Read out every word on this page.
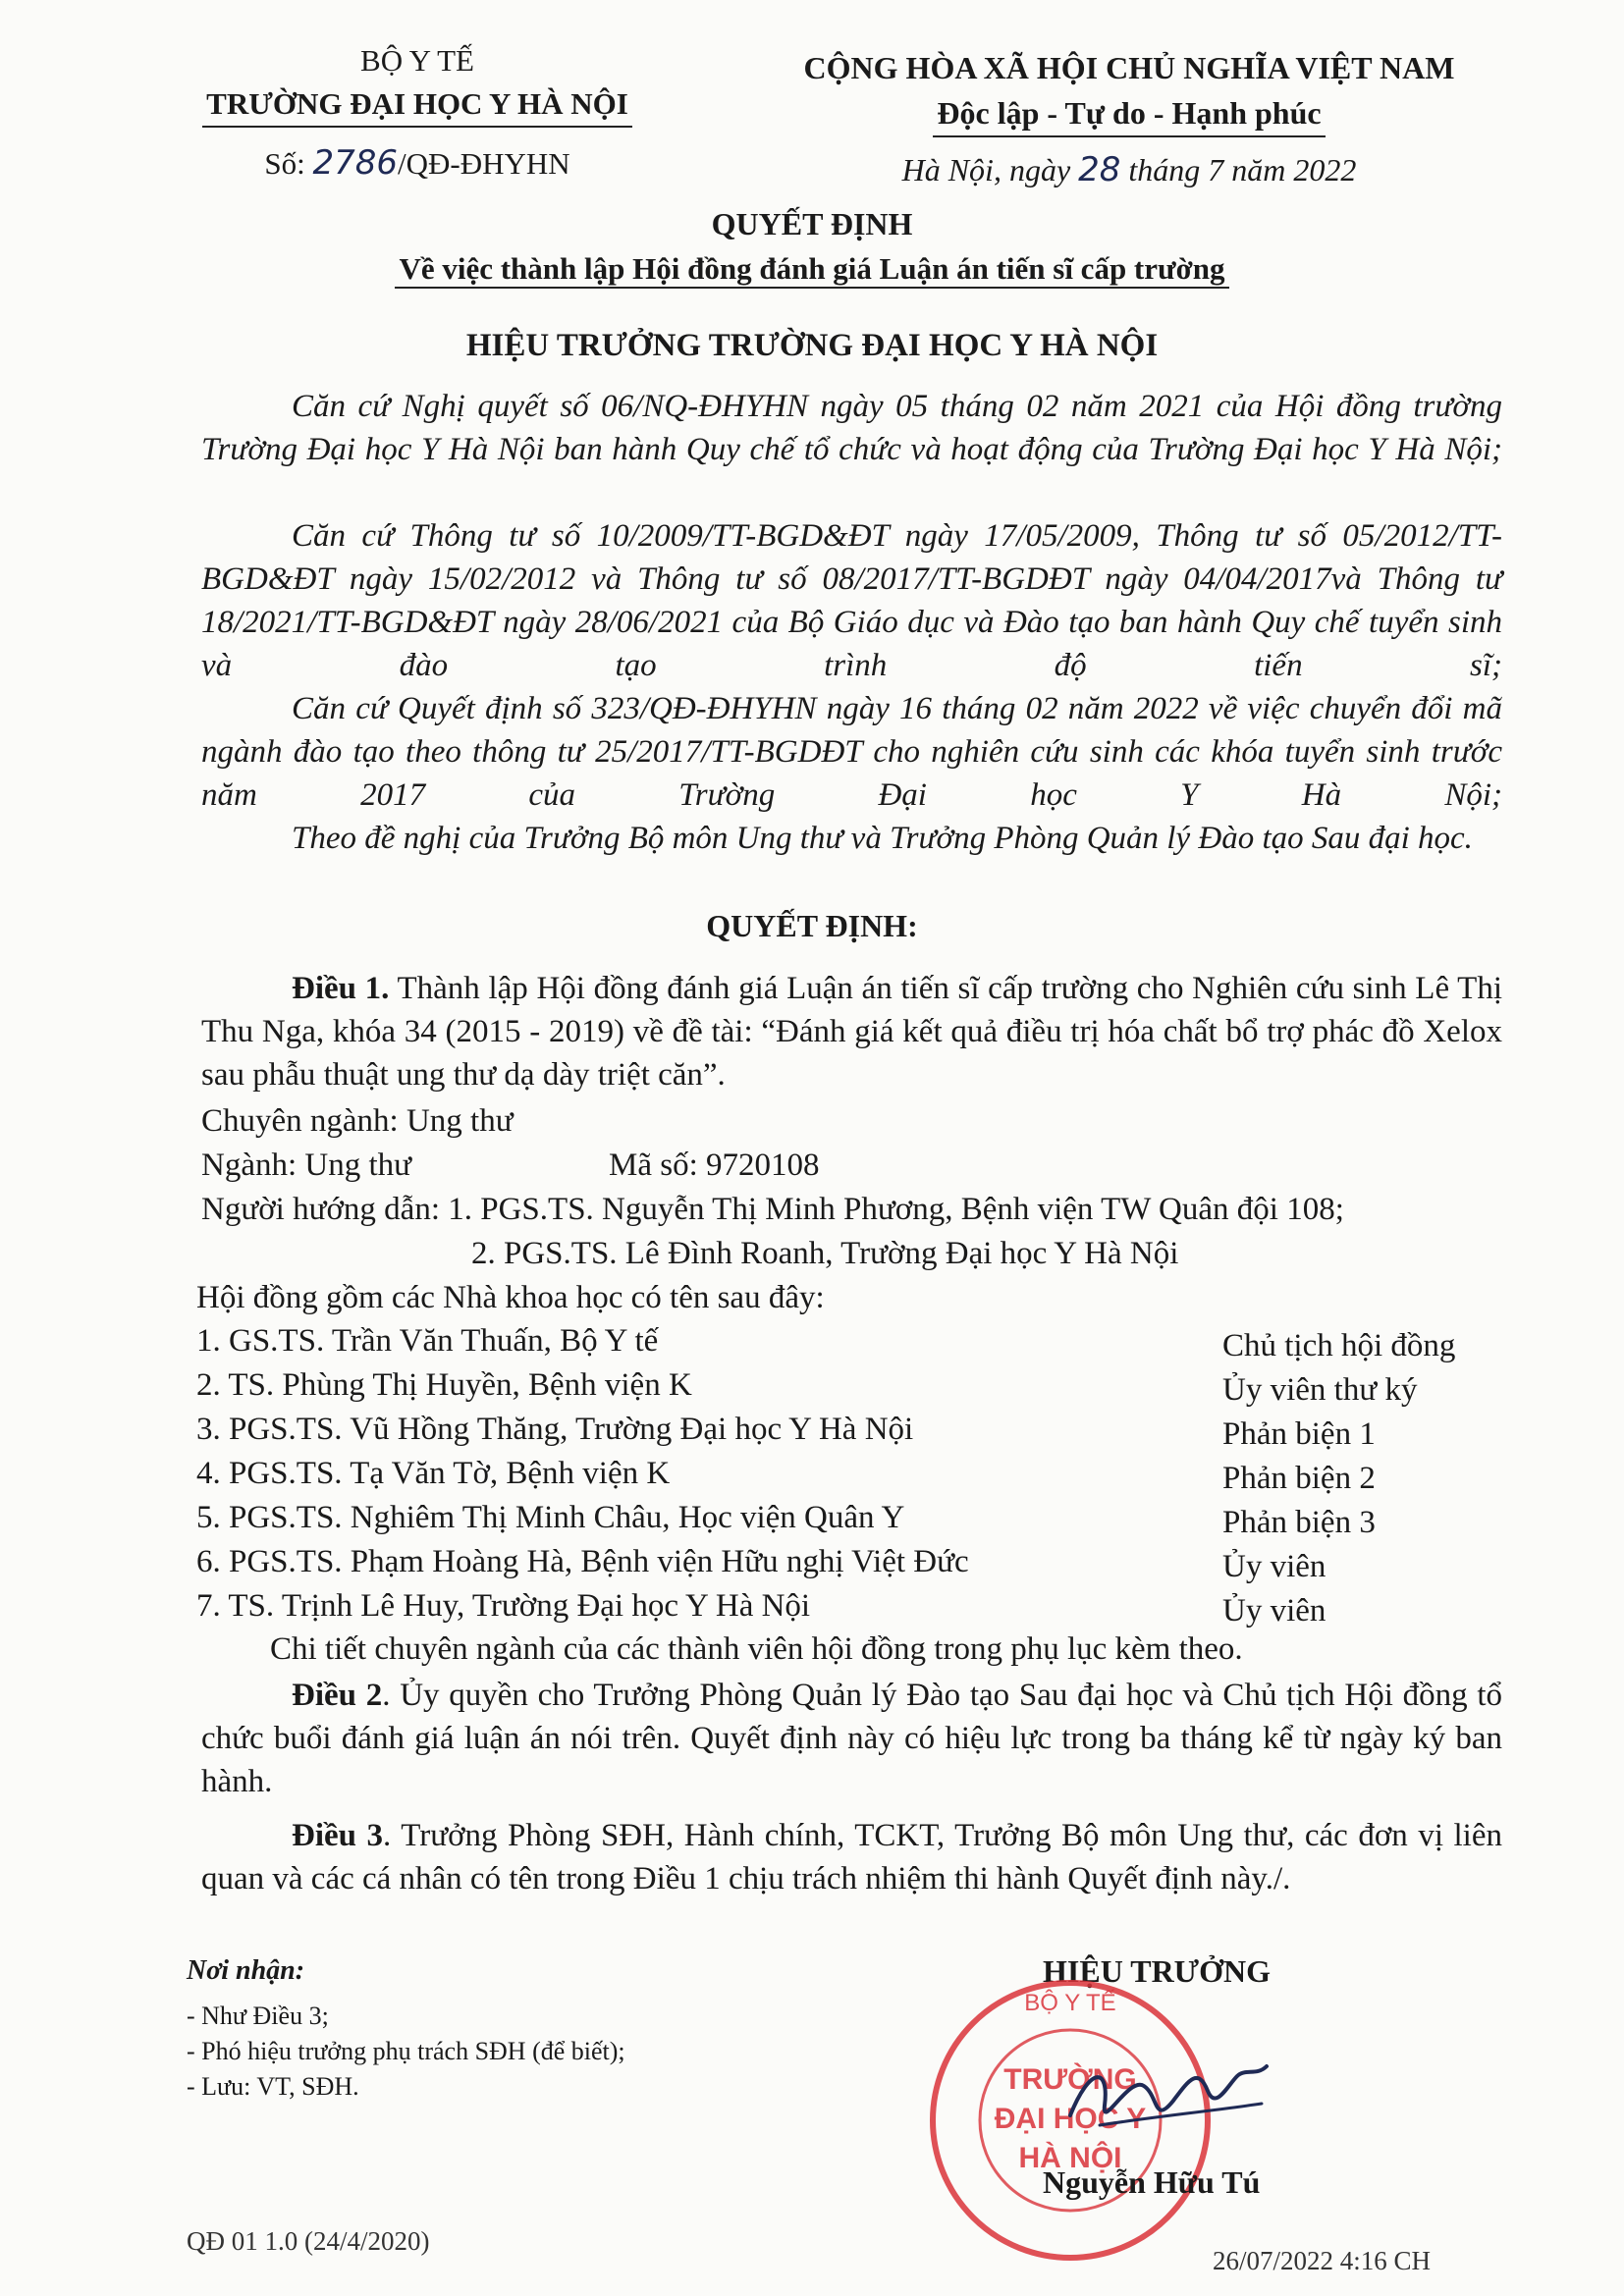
BỘ Y TẾ
TRƯỜNG ĐẠI HỌC Y HÀ NỘI
Số: 2786/QĐ-ĐHYHN
CỘNG HÒA XÃ HỘI CHỦ NGHĨA VIỆT NAM
Độc lập - Tự do - Hạnh phúc
Hà Nội, ngày 28 tháng 7 năm 2022
QUYẾT ĐỊNH
Về việc thành lập Hội đồng đánh giá Luận án tiến sĩ cấp trường
HIỆU TRƯỞNG TRƯỜNG ĐẠI HỌC Y HÀ NỘI
Căn cứ Nghị quyết số 06/NQ-ĐHYHN ngày 05 tháng 02 năm 2021 của Hội đồng trường Trường Đại học Y Hà Nội ban hành Quy chế tổ chức và hoạt động của Trường Đại học Y Hà Nội;
Căn cứ Thông tư số 10/2009/TT-BGD&ĐT ngày 17/05/2009, Thông tư số 05/2012/TT-BGD&ĐT ngày 15/02/2012 và Thông tư số 08/2017/TT-BGDĐT ngày 04/04/2017và Thông tư 18/2021/TT-BGD&ĐT ngày 28/06/2021 của Bộ Giáo dục và Đào tạo ban hành Quy chế tuyển sinh và đào tạo trình độ tiến sĩ;
Căn cứ Quyết định số 323/QĐ-ĐHYHN ngày 16 tháng 02 năm 2022 về việc chuyển đổi mã ngành đào tạo theo thông tư 25/2017/TT-BGDĐT cho nghiên cứu sinh các khóa tuyển sinh trước năm 2017 của Trường Đại học Y Hà Nội;
Theo đề nghị của Trưởng Bộ môn Ung thư và Trưởng Phòng Quản lý Đào tạo Sau đại học.
QUYẾT ĐỊNH:
Điều 1. Thành lập Hội đồng đánh giá Luận án tiến sĩ cấp trường cho Nghiên cứu sinh Lê Thị Thu Nga, khóa 34 (2015 - 2019) về đề tài: “Đánh giá kết quả điều trị hóa chất bổ trợ phác đồ Xelox sau phẫu thuật ung thư dạ dày triệt căn”.
Chuyên ngành: Ung thư
Ngành: Ung thư	Mã số: 9720108
Người hướng dẫn: 1. PGS.TS. Nguyễn Thị Minh Phương, Bệnh viện TW Quân đội 108;
2. PGS.TS. Lê Đình Roanh, Trường Đại học Y Hà Nội
Hội đồng gồm các Nhà khoa học có tên sau đây:
1. GS.TS. Trần Văn Thuấn, Bộ Y tế	Chủ tịch hội đồng
2. TS. Phùng Thị Huyền, Bệnh viện K	Ủy viên thư ký
3. PGS.TS. Vũ Hồng Thăng, Trường Đại học Y Hà Nội	Phản biện 1
4. PGS.TS. Tạ Văn Tờ, Bệnh viện K	Phản biện 2
5. PGS.TS. Nghiêm Thị Minh Châu, Học viện Quân Y	Phản biện 3
6. PGS.TS. Phạm Hoàng Hà, Bệnh viện Hữu nghị Việt Đức	Ủy viên
7. TS. Trịnh Lê Huy, Trường Đại học Y Hà Nội	Ủy viên
Chi tiết chuyên ngành của các thành viên hội đồng trong phụ lục kèm theo.
Điều 2. Ủy quyền cho Trưởng Phòng Quản lý Đào tạo Sau đại học và Chủ tịch Hội đồng tổ chức buổi đánh giá luận án nói trên. Quyết định này có hiệu lực trong ba tháng kể từ ngày ký ban hành.
Điều 3. Trưởng Phòng SĐH, Hành chính, TCKT, Trưởng Bộ môn Ung thư, các đơn vị liên quan và các cá nhân có tên trong Điều 1 chịu trách nhiệm thi hành Quyết định này./.
Nơi nhận:
- Như Điều 3;
- Phó hiệu trưởng phụ trách SĐH (để biết);
- Lưu: VT, SĐH.
HIỆU TRƯỞNG
BỘ Y TẾ
TRƯỜNG
ĐẠI HỌC Y
HÀ NỘI
Nguyễn Hữu Tú
QĐ 01 1.0 (24/4/2020)
26/07/2022 4:16 CH
